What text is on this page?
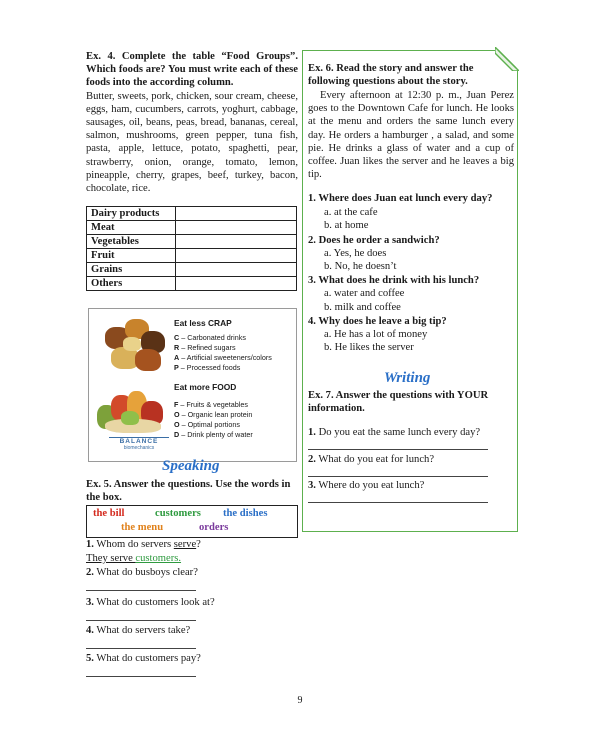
Ex. 4. Complete the table “Food Groups”. Which foods are? You must write each of these foods into the according column.
Butter, sweets, pork, chicken, sour cream, cheese, eggs, ham, cucumbers, carrots, yoghurt, cabbage, sausages, oil, beans, peas, bread, bananas, cereal, salmon, mushrooms, green pepper, tuna fish, pasta, apple, lettuce, potato, spaghetti, pear, strawberry, onion, orange, tomato, lemon, pineapple, cherry, grapes, beef, turkey, bacon, chocolate, rice.
Dairy products	
Meat	
Vegetables	
Fruit	
Grains	
Others	
Eat less CRAP
C – Carbonated drinks
R – Refined sugars
A – Artificial sweeteners/colors
P – Processed foods
Eat more FOOD
F – Fruits & vegetables
O – Organic lean protein
O – Optimal portions
D – Drink plenty of water
BALANCE
biomechanics
Speaking
Ex. 5. Answer the questions. Use the words in the box.
the bill	customers the dishes
the menu	orders
1. Whom do servers serve?
They serve customers.
2. What do busboys clear?
3. What do customers look at?
4. What do servers take?
5. What do customers pay?
Ex. 6. Read the story and answer the following questions about the story.
Every afternoon at 12:30 p. m., Juan Perez goes to the Downtown Cafe for lunch. He looks at the menu and orders the same lunch every day. He orders a hamburger , a salad, and some pie. He drinks a glass of water and a cup of coffee. Juan likes the server and he leaves a big tip.
1. Where does Juan eat lunch every day?
a. at the cafe
b. at home
2. Does he order a sandwich?
a. Yes, he does
b. No, he doesn’t
3. What does he drink with his lunch?
a. water and coffee
b. milk and coffee
4. Why does he leave a big tip?
a. He has a lot of money
b. He likes the server
Writing
Ex. 7. Answer the questions with YOUR information.
1. Do you eat the same lunch every day?
2. What do you eat for lunch?
3. Where do you eat lunch?
9
